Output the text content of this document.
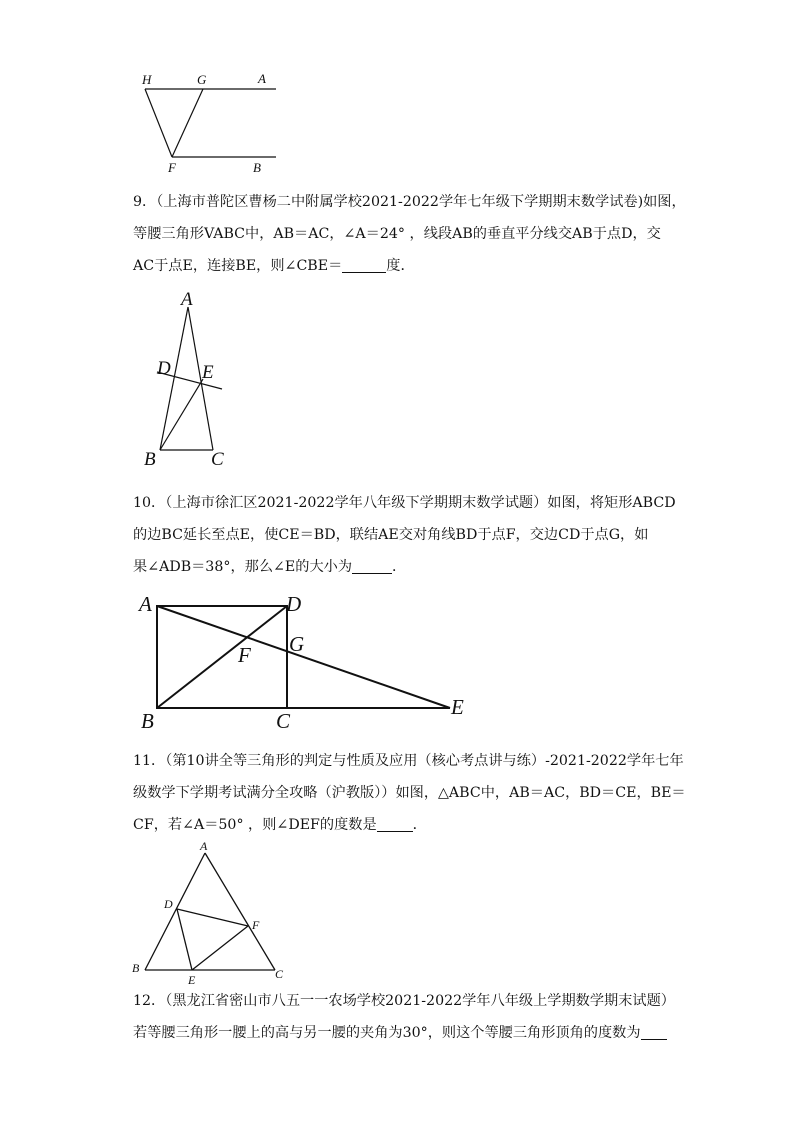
H	G	A
F	B
9．（上海市普陀区曹杨二中附属学校2021-2022学年七年级下学期期末数学试卷)如图，
等腰三角形VABC中，AB＝AC，∠A＝24° ，线段AB的垂直平分线交AB于点D，交
AC于点E，连接BE，则∠CBE＝	度．
A
D E
B	C
10．（上海市徐汇区2021-2022学年八年级下学期期末数学试题）如图，将矩形ABCD
的边BC延长至点E，使CE＝BD，联结AE交对角线BD于点F，交边CD于点G，如
果∠ADB＝38°，那么∠E的大小为	．
A	D
G
F
B	C
E
11．（第10讲全等三角形的判定与性质及应用（核心考点讲与练）-2021-2022学年七年
级数学下学期考试满分全攻略（沪教版））如图，△ABC中，AB＝AC，BD＝CE，BE＝
CF，若∠A＝50° ，则∠DEF的度数是	．
A
D
F
B
E	C
12．（黑龙江省密山市八五一一农场学校2021-2022学年八年级上学期数学期末试题）
若等腰三角形一腰上的高与另一腰的夹角为30°，则这个等腰三角形顶角的度数为
